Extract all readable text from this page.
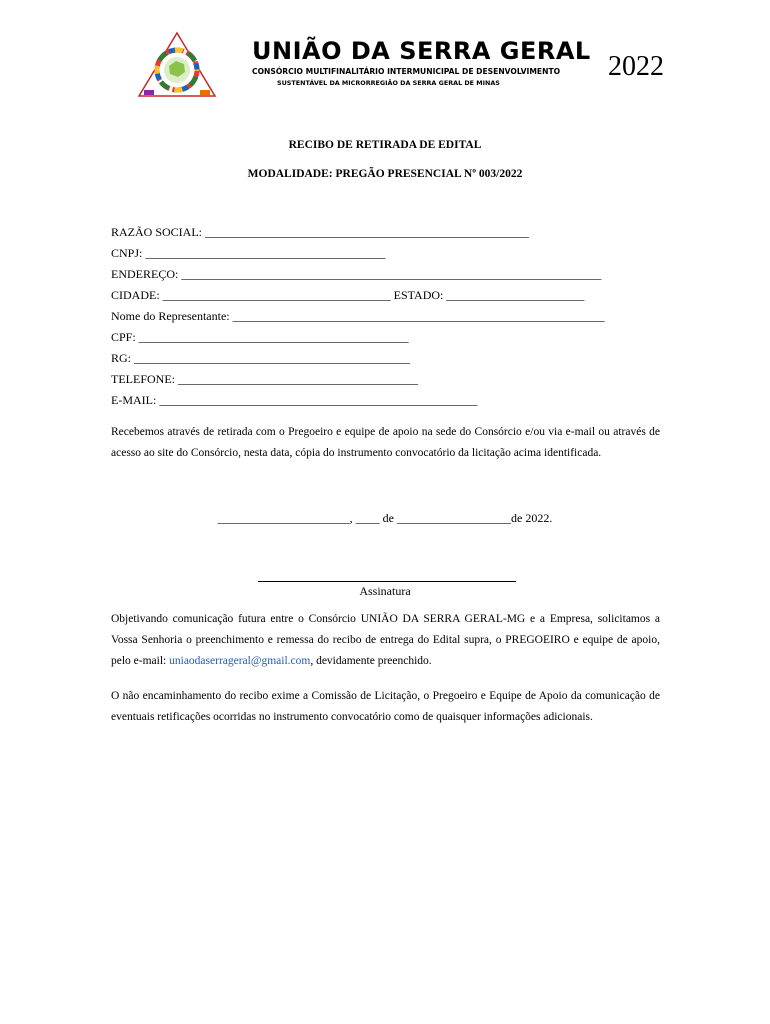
UNIÃO DA SERRA GERAL
CONSÓRCIO MULTIFINALITÁRIO INTERMUNICIPAL DE DESENVOLVIMENTO
SUSTENTÁVEL DA MICRORREGIÃO DA SERRA GERAL DE MINAS
2022
RECIBO DE RETIRADA DE EDITAL
MODALIDADE: PREGÃO PRESENCIAL Nº 003/2022
RAZÃO SOCIAL: ______________________________________________________
CNPJ: ________________________________________
ENDEREÇO: ______________________________________________________________________
CIDADE: ______________________________________ ESTADO: _______________________
Nome do Representante: ______________________________________________________________
CPF: _____________________________________________
RG: ______________________________________________
TELEFONE: ________________________________________
E-MAIL: _____________________________________________________
Recebemos através de retirada com o Pregoeiro e equipe de apoio na sede do Consórcio e/ou via e-mail ou através de acesso ao site do Consórcio, nesta data, cópia do instrumento convocatório da licitação acima identificada.
______________________, ____ de ___________________de 2022.
Assinatura
Objetivando comunicação futura entre o Consórcio UNIÃO DA SERRA GERAL-MG e a Empresa, solicitamos a Vossa Senhoria o preenchimento e remessa do recibo de entrega do Edital supra, o PREGOEIRO e equipe de apoio, pelo e-mail: uniaodaserrageral@gmail.com, devidamente preenchido.
O não encaminhamento do recibo exime a Comissão de Licitação, o Pregoeiro e Equipe de Apoio da comunicação de eventuais retificações ocorridas no instrumento convocatório como de quaisquer informações adicionais.
